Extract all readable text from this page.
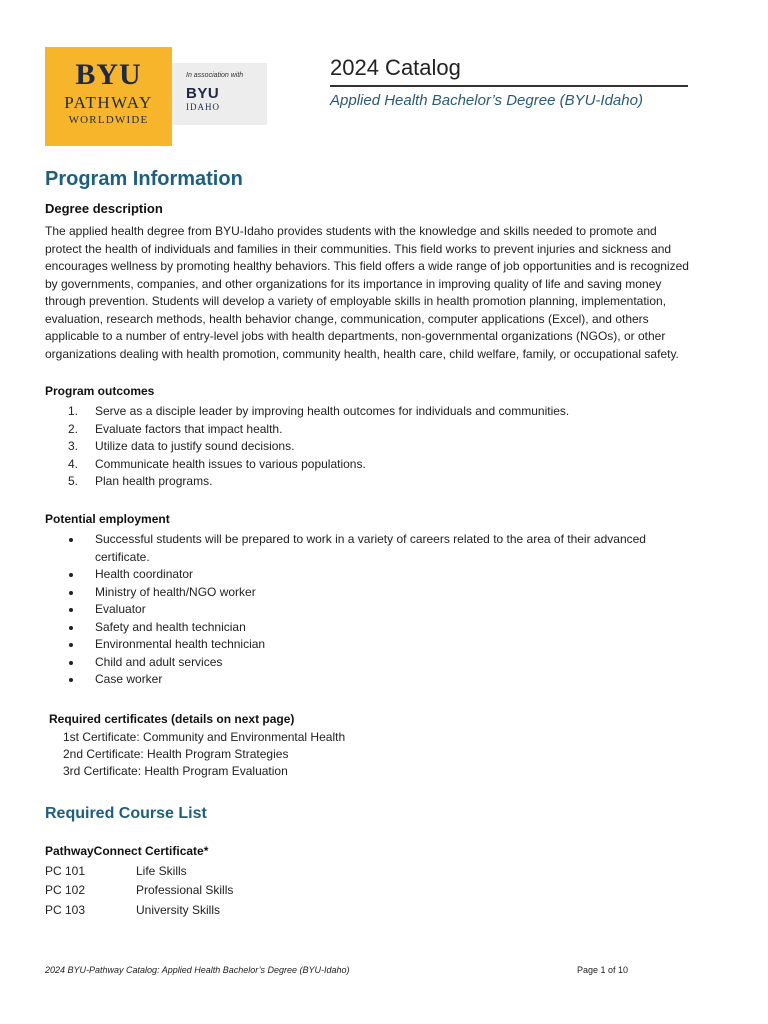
BYU
PATHWAY
WORLDWIDE
In association with
BYU
IDAHO
2024 Catalog
Applied Health Bachelor’s Degree (BYU-Idaho)
Program Information
Degree description
The applied health degree from BYU-Idaho provides students with the knowledge and skills needed to promote and
protect the health of individuals and families in their communities. This field works to prevent injuries and sickness and
encourages wellness by promoting healthy behaviors. This field offers a wide range of job opportunities and is recognized
by governments, companies, and other organizations for its importance in improving quality of life and saving money
through prevention. Students will develop a variety of employable skills in health promotion planning, implementation,
evaluation, research methods, health behavior change, communication, computer applications (Excel), and others
applicable to a number of entry-level jobs with health departments, non-governmental organizations (NGOs), or other
organizations dealing with health promotion, community health, health care, child welfare, family, or occupational safety.
Program outcomes
1.	Serve as a disciple leader by improving health outcomes for individuals and communities.
2.	Evaluate factors that impact health.
3.	Utilize data to justify sound decisions.
4.	Communicate health issues to various populations.
5.	Plan health programs.
Potential employment
Successful students will be prepared to work in a variety of careers related to the area of their advanced
certificate.
Health coordinator
Ministry of health/NGO worker
Evaluator
Safety and health technician
Environmental health technician
Child and adult services
Case worker
Required certificates (details on next page)
1st Certificate: Community and Environmental Health
2nd Certificate: Health Program Strategies
3rd Certificate: Health Program Evaluation
Required Course List
PathwayConnect Certificate*
PC 101	Life Skills
PC 102	Professional Skills
PC 103	University Skills
2024 BYU-Pathway Catalog: Applied Health Bachelor’s Degree (BYU-Idaho)	Page 1 of 10
